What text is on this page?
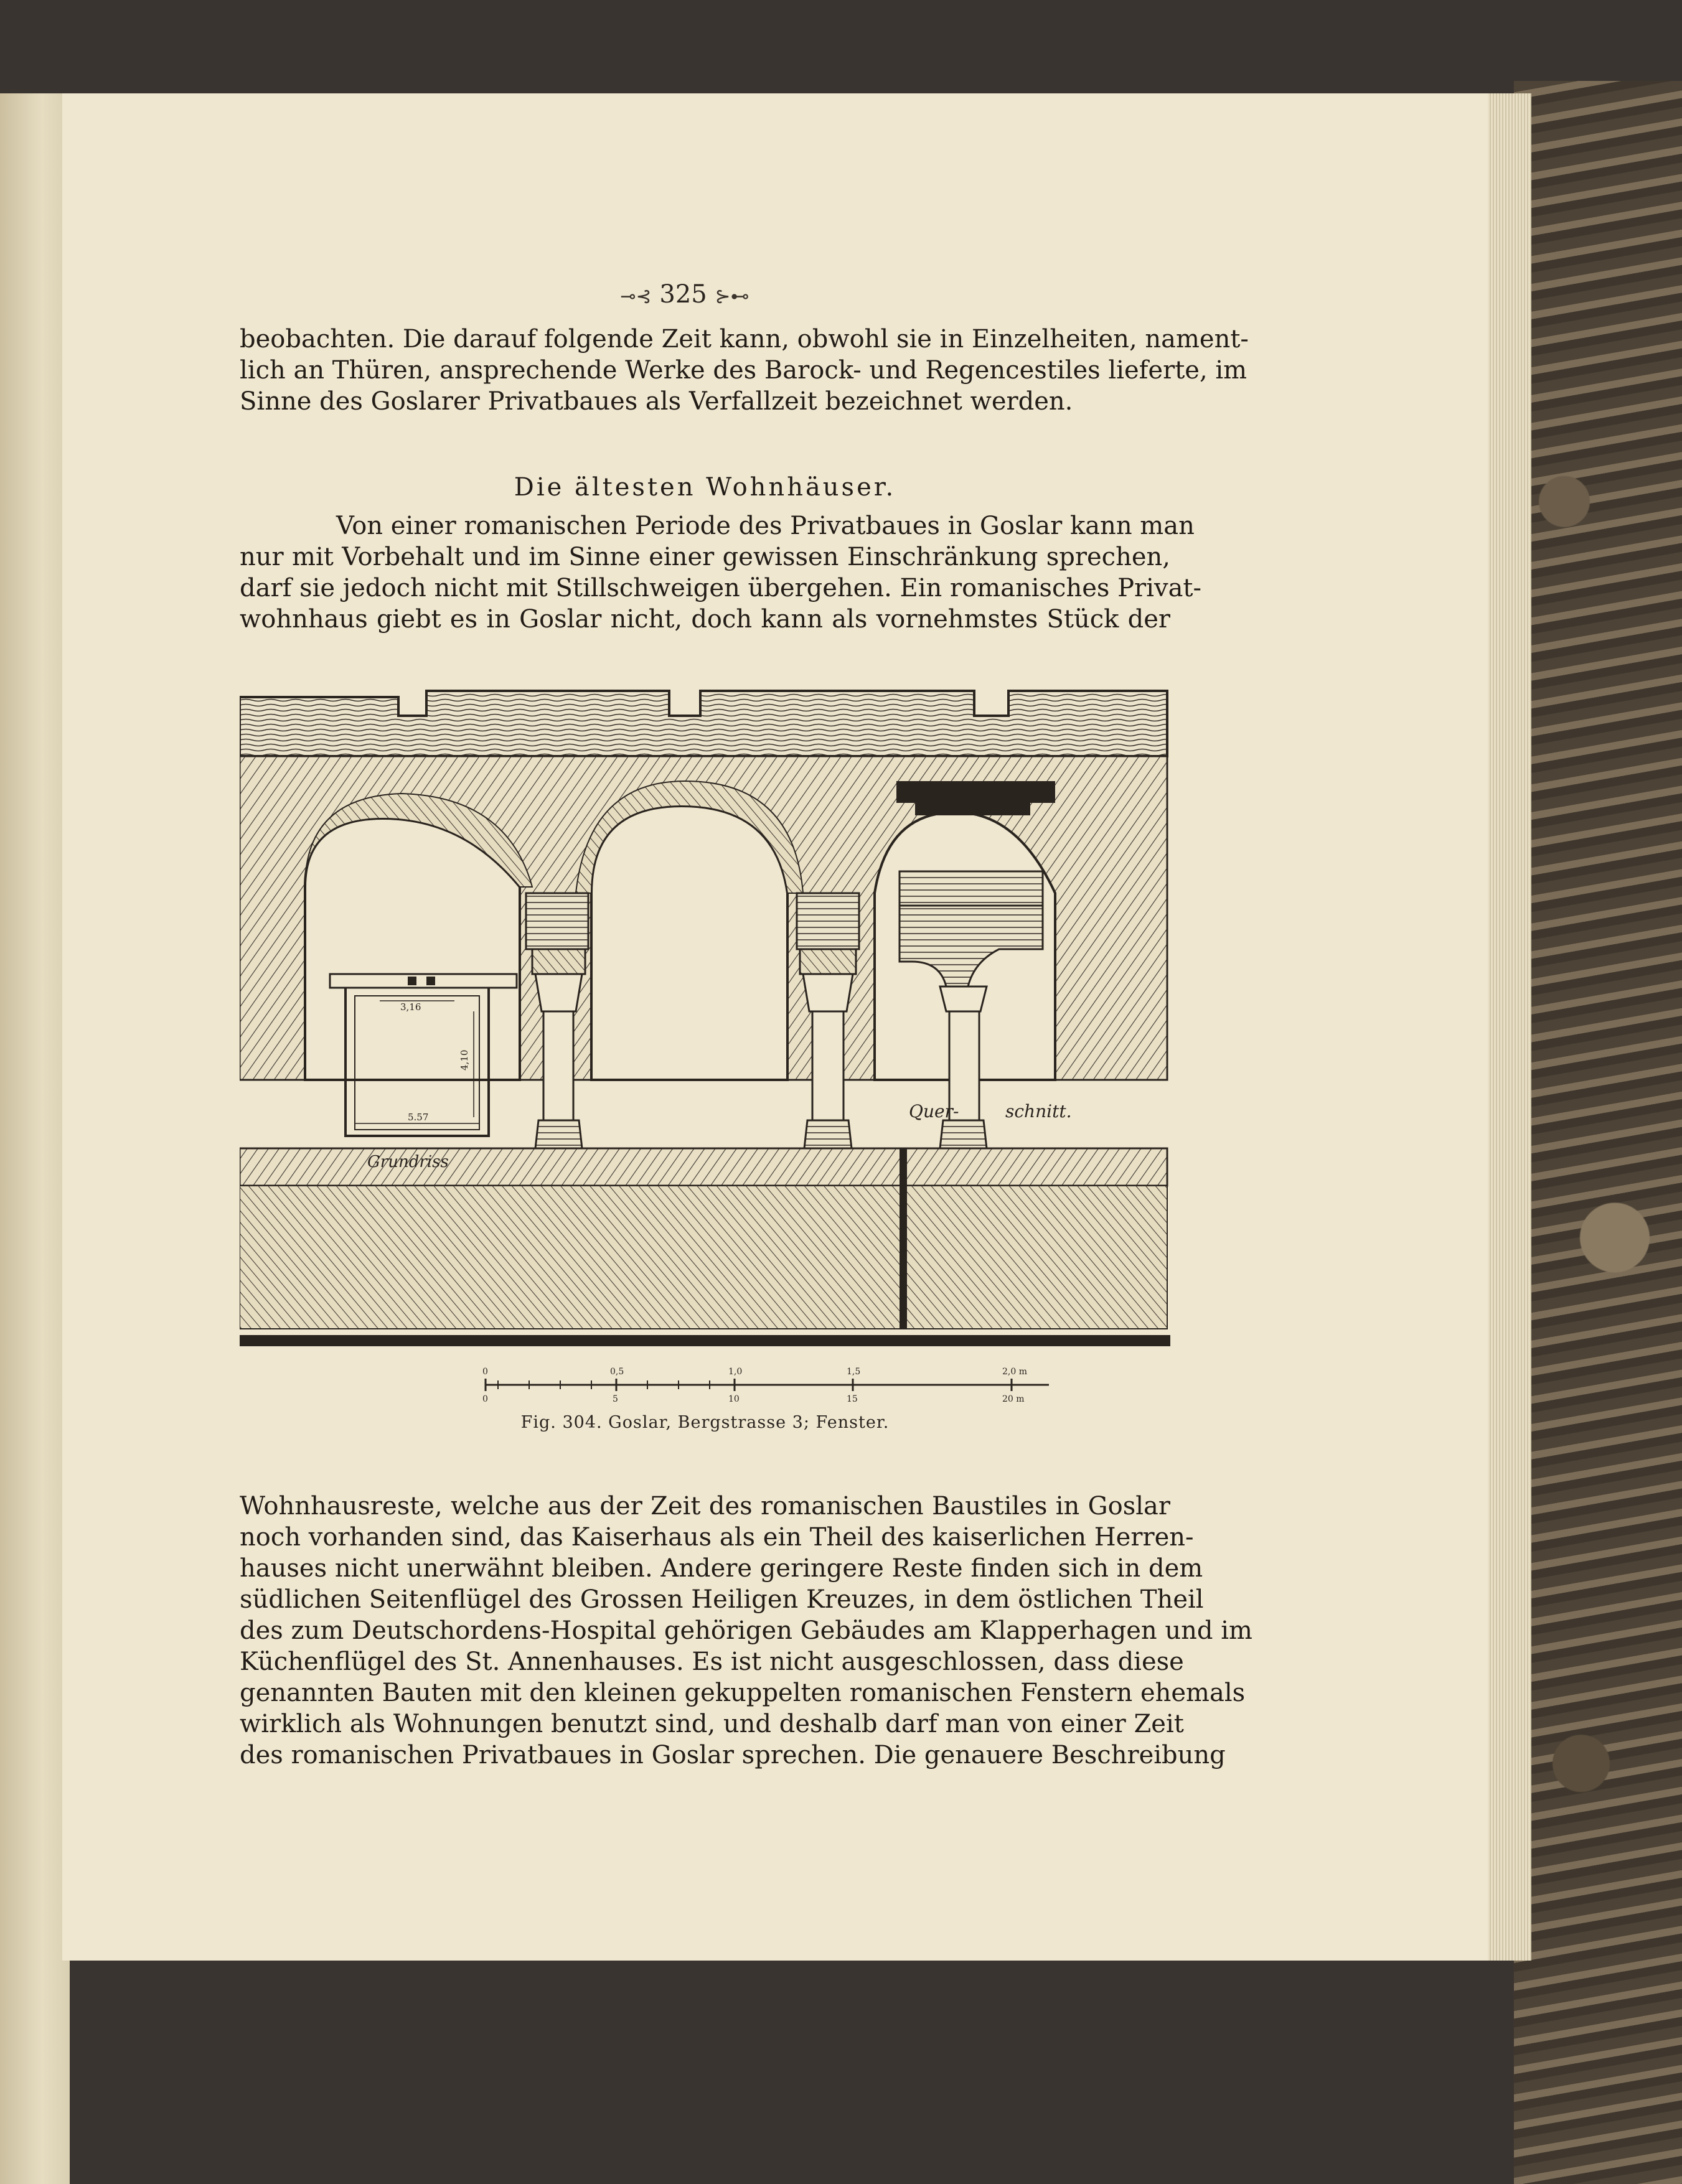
⊸⊰ 325 ⊱⊷
beobachten. Die darauf folgende Zeit kann, obwohl sie in Einzelheiten, nament-
lich an Thüren, ansprechende Werke des Barock- und Regencestiles lieferte, im
Sinne des Goslarer Privatbaues als Verfallzeit bezeichnet werden.
Die ältesten Wohnhäuser.
Von einer romanischen Periode des Privatbaues in Goslar kann man
nur mit Vorbehalt und im Sinne einer gewissen Einschränkung sprechen,
darf sie jedoch nicht mit Stillschweigen übergehen. Ein romanisches Privat-
wohnhaus giebt es in Goslar nicht, doch kann als vornehmstes Stück der
3,16
5.57
4,10
Grundriss
Quer-	schnitt.
0	0,5	1,0	1,5	2,0 m
0	5	10	15	20 m
Fig. 304. Goslar, Bergstrasse 3; Fenster.
Wohnhausreste, welche aus der Zeit des romanischen Baustiles in Goslar
noch vorhanden sind, das Kaiserhaus als ein Theil des kaiserlichen Herren-
hauses nicht unerwähnt bleiben. Andere geringere Reste finden sich in dem
südlichen Seitenflügel des Grossen Heiligen Kreuzes, in dem östlichen Theil
des zum Deutschordens-Hospital gehörigen Gebäudes am Klapperhagen und im
Küchenflügel des St. Annenhauses. Es ist nicht ausgeschlossen, dass diese
genannten Bauten mit den kleinen gekuppelten romanischen Fenstern ehemals
wirklich als Wohnungen benutzt sind, und deshalb darf man von einer Zeit
des romanischen Privatbaues in Goslar sprechen. Die genauere Beschreibung
